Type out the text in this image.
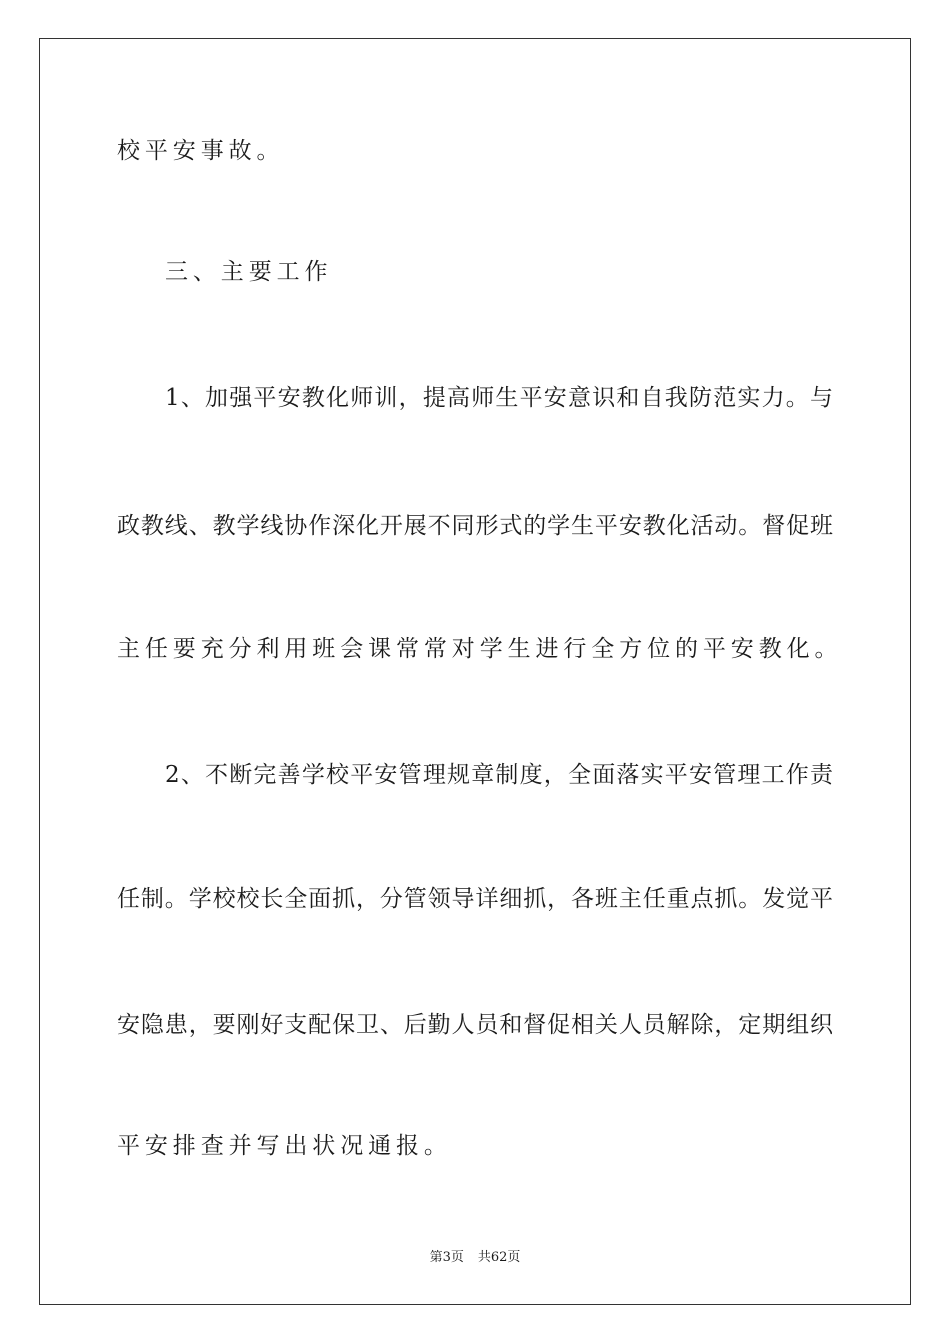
校平安事故。
三、主要工作
1、加强平安教化师训，提高师生平安意识和自我防范实力。与
政教线、教学线协作深化开展不同形式的学生平安教化活动。督促班
主任要充分利用班会课常常对学生进行全方位的平安教化。
2、不断完善学校平安管理规章制度，全面落实平安管理工作责
任制。学校校长全面抓，分管领导详细抓，各班主任重点抓。发觉平
安隐患，要刚好支配保卫、后勤人员和督促相关人员解除，定期组织
平安排查并写出状况通报。
第3页 共62页
